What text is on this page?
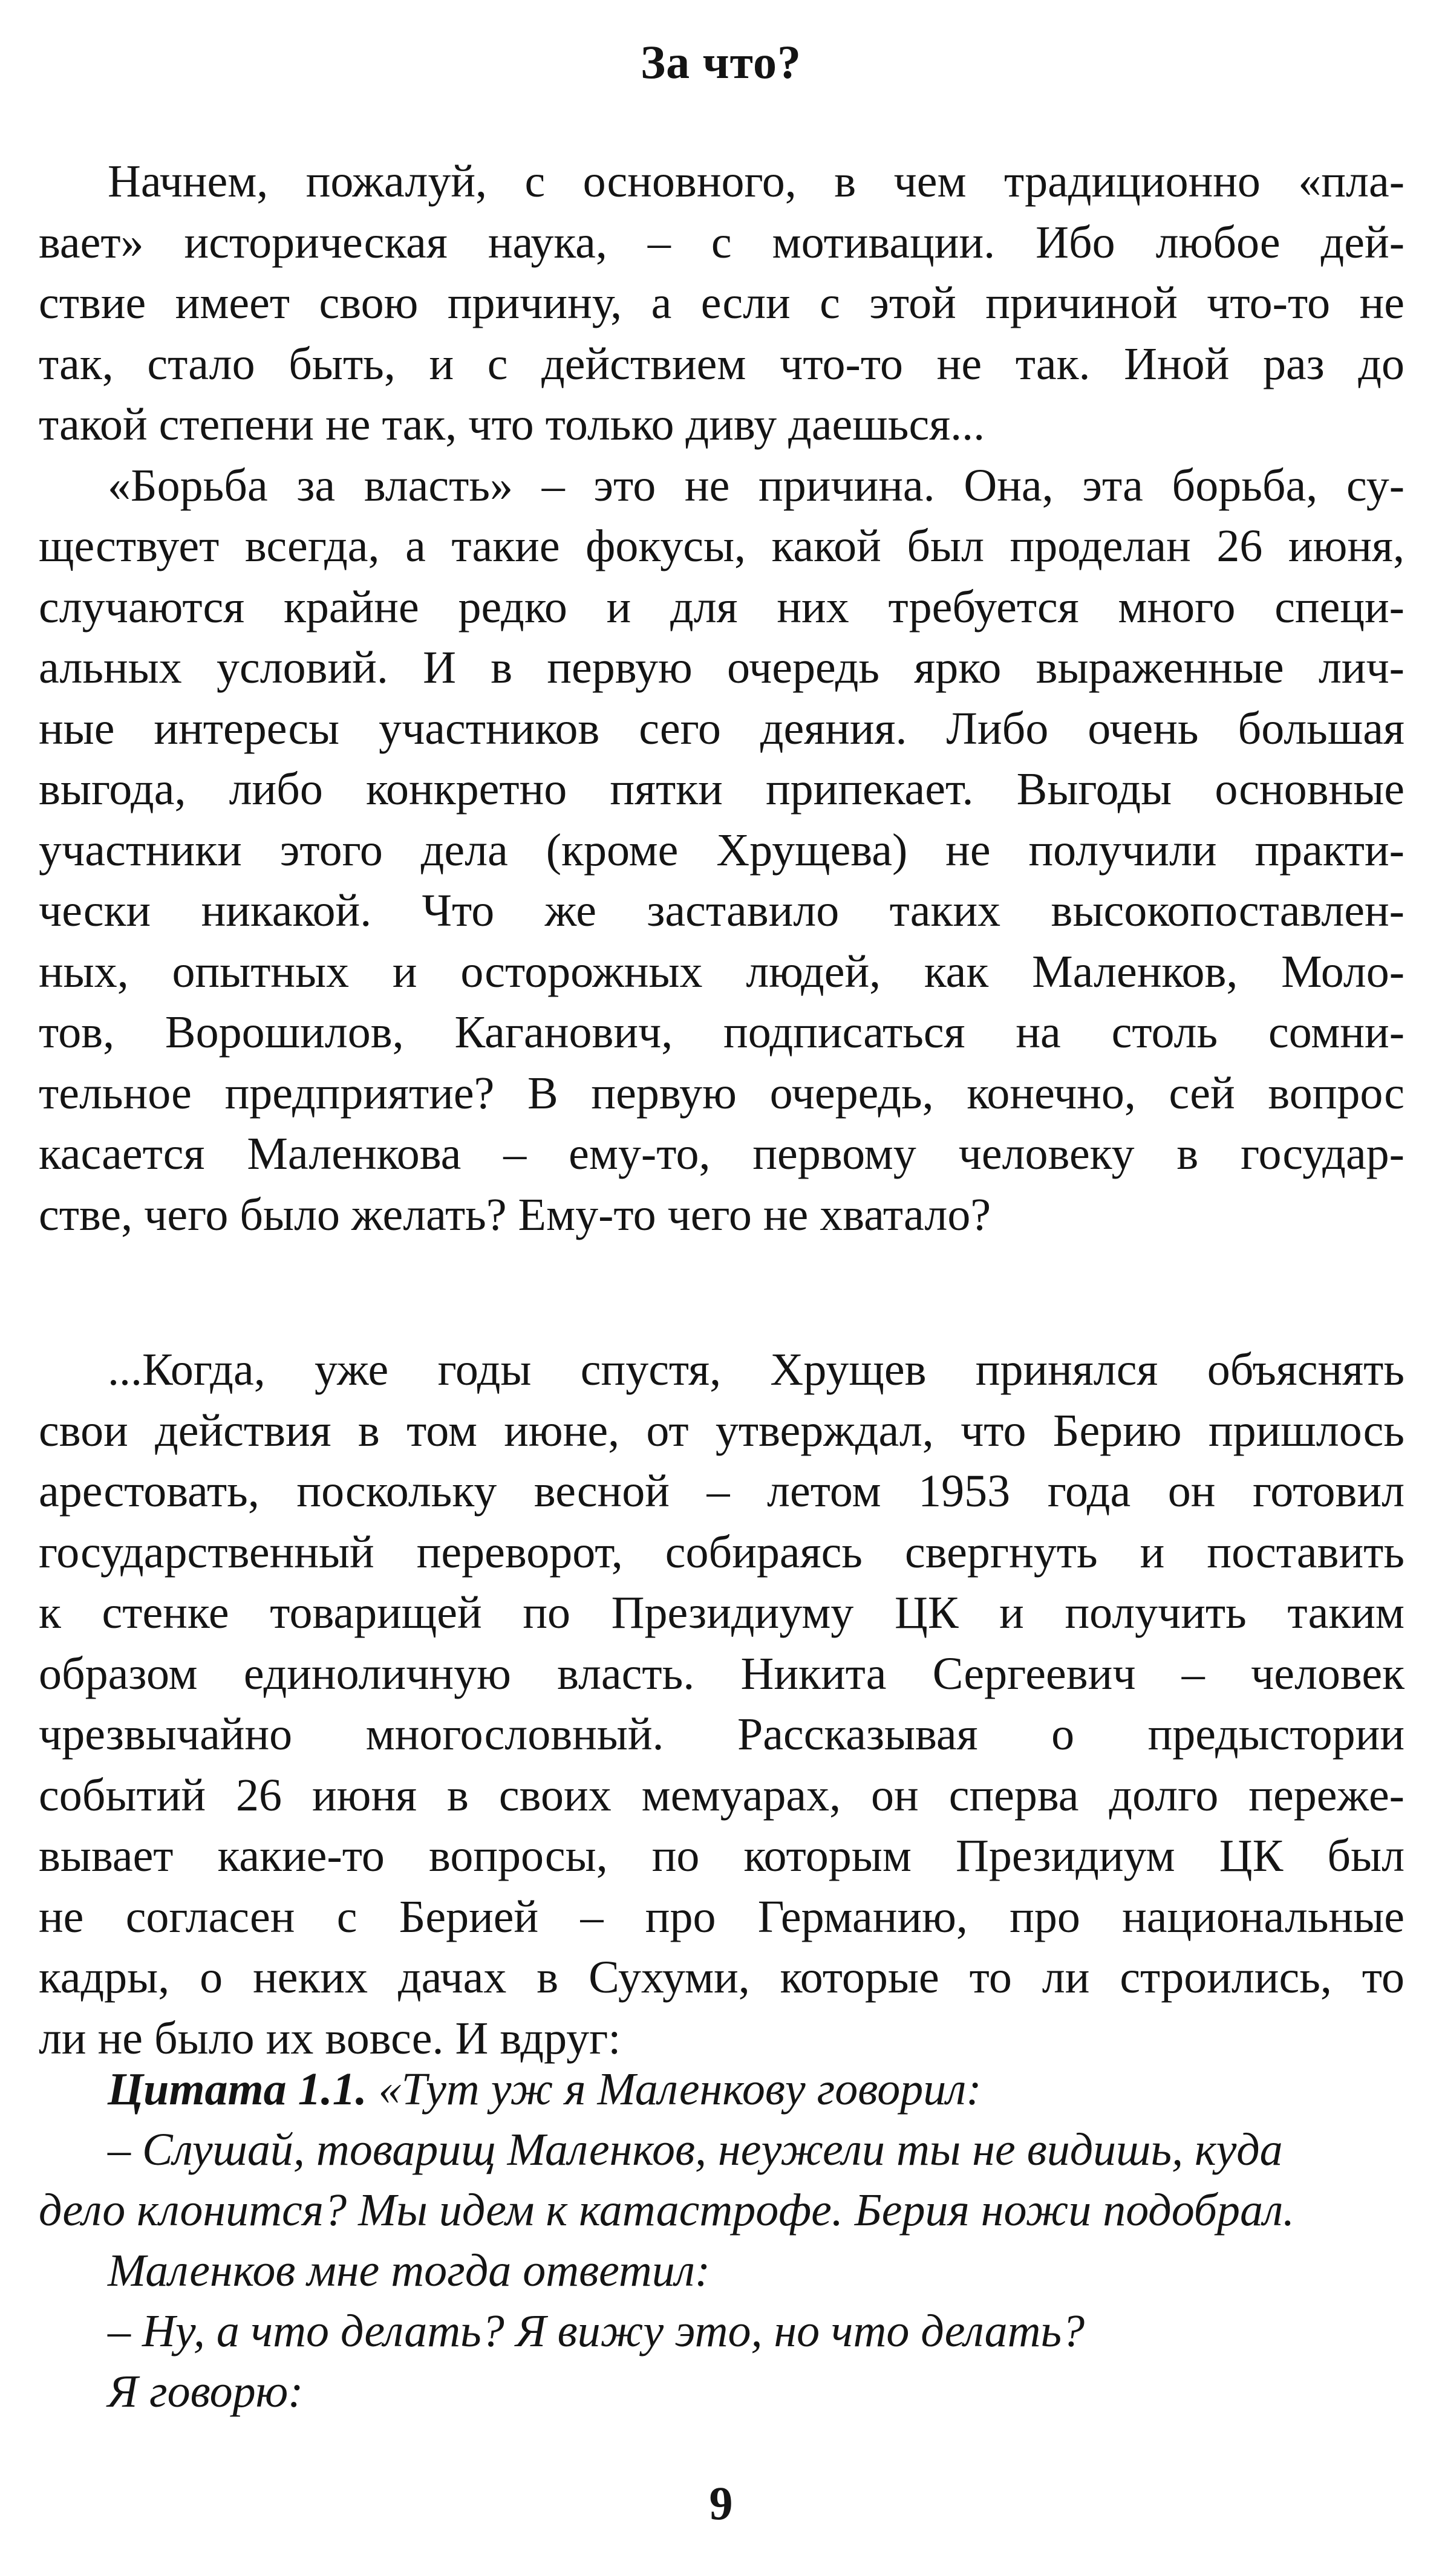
За что?
Начнем, пожалуй, с основного, в чем традиционно «пла-
вает» историческая наука, – с мотивации. Ибо любое дей-
ствие имеет свою причину, а если с этой причиной что-то не
так, стало быть, и с действием что-то не так. Иной раз до
такой степени не так, что только диву даешься...
«Борьба за власть» – это не причина. Она, эта борьба, су-
ществует всегда, а такие фокусы, какой был проделан 26 июня,
случаются крайне редко и для них требуется много специ-
альных условий. И в первую очередь ярко выраженные лич-
ные интересы участников сего деяния. Либо очень большая
выгода, либо конкретно пятки припекает. Выгоды основные
участники этого дела (кроме Хрущева) не получили практи-
чески никакой. Что же заставило таких высокопоставлен-
ных, опытных и осторожных людей, как Маленков, Моло-
тов, Ворошилов, Каганович, подписаться на столь сомни-
тельное предприятие? В первую очередь, конечно, сей вопрос
касается Маленкова – ему-то, первому человеку в государ-
стве, чего было желать? Ему-то чего не хватало?
...Когда, уже годы спустя, Хрущев принялся объяснять
свои действия в том июне, от утверждал, что Берию пришлось
арестовать, поскольку весной – летом 1953 года он готовил
государственный переворот, собираясь свергнуть и поставить
к стенке товарищей по Президиуму ЦК и получить таким
образом единоличную власть. Никита Сергеевич – человек
чрезвычайно многословный. Рассказывая о предыстории
событий 26 июня в своих мемуарах, он сперва долго пережe-
вывает какие-то вопросы, по которым Президиум ЦК был
не согласен с Берией – про Германию, про национальные
кадры, о неких дачах в Сухуми, которые то ли строились, то
ли не было их вовсе. И вдруг:
Цитата 1.1. «Тут уж я Маленкову говорил:
– Слушай, товарищ Маленков, неужели ты не видишь, куда
дело клонится? Мы идем к катастрофе. Берия ножи подобрал.
Маленков мне тогда ответил:
– Ну, а что делать? Я вижу это, но что делать?
Я говорю:
9
